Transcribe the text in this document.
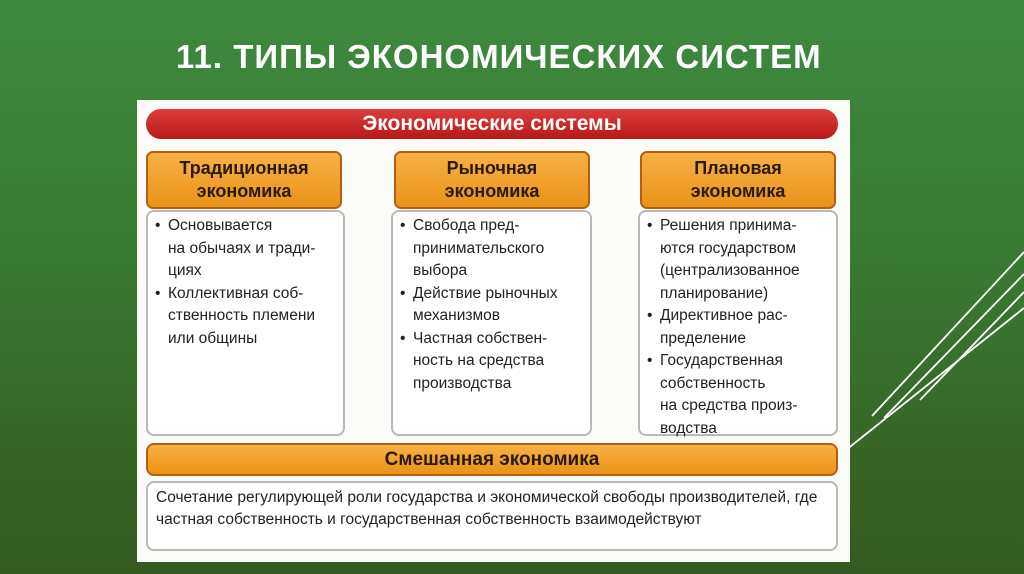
11. ТИПЫ ЭКОНОМИЧЕСКИХ СИСТЕМ
Экономические системы
Традиционная
экономика
Рыночная
экономика
Плановая
экономика
• Основывается
на обычаях и тради-
циях
• Коллективная соб-
ственность племени
или общины
• Свобода пред-
принимательского
выбора
• Действие рыночных
механизмов
• Частная собствен-
ность на средства
производства
• Решения принима-
ются государством
(централизованное
планирование)
• Директивное рас-
пределение
• Государственная
собственность
на средства произ-
водства
Смешанная экономика
Сочетание регулирующей роли государства и экономической свободы производителей, где частная собственность и государственная собственность взаимодействуют
